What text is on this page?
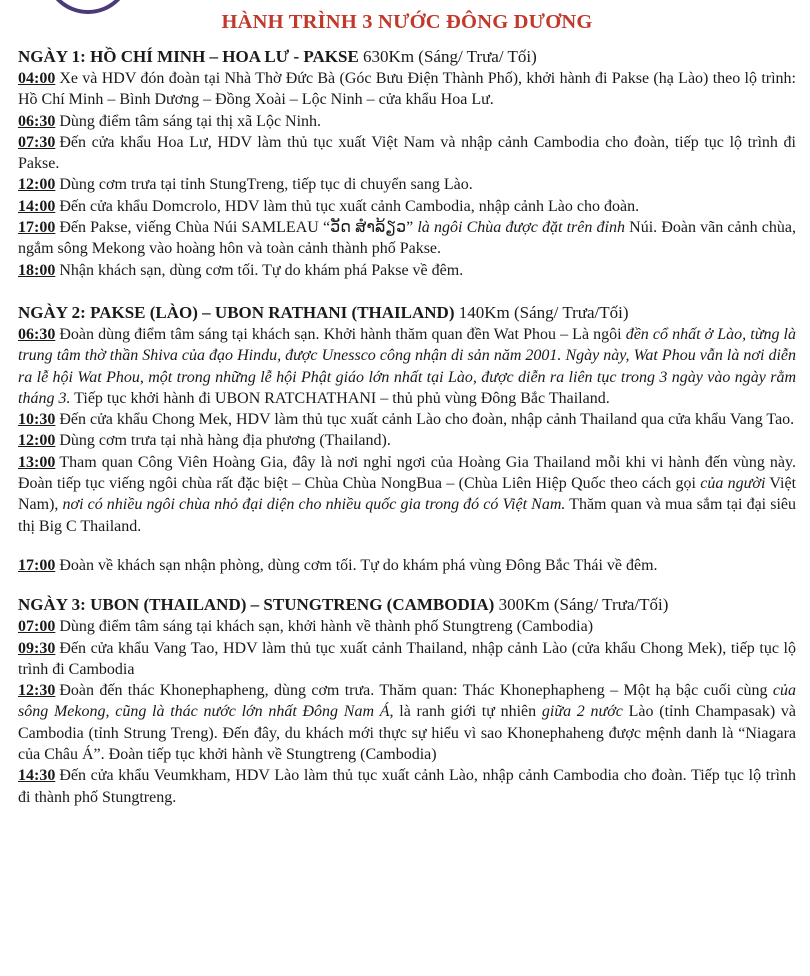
HÀNH TRÌNH 3 NƯỚC ĐÔNG DƯƠNG
NGÀY 1: HỒ CHÍ MINH – HOA LƯ - PAKSE 630Km (Sáng/ Trưa/ Tối)

04:00 Xe và HDV đón đoàn tại Nhà Thờ Đức Bà (Góc Bưu Điện Thành Phố), khởi hành đi Pakse (hạ Lào) theo lộ trình: Hồ Chí Minh – Bình Dương – Đồng Xoài – Lộc Ninh – cửa khẩu Hoa Lư.

06:30 Dùng điểm tâm sáng tại thị xã Lộc Ninh.

07:30 Đến cửa khẩu Hoa Lư, HDV làm thủ tục xuất Việt Nam và nhập cảnh Cambodia cho đoàn, tiếp tục lộ trình đi Pakse.

12:00 Dùng cơm trưa tại tỉnh StungTreng, tiếp tục di chuyển sang Lào.

14:00 Đến cửa khẩu Domcrolo, HDV làm thủ tục xuất cảnh Cambodia, nhập cảnh Lào cho đoàn.

17:00 Đến Pakse, viếng Chùa Núi SAMLEAU “ວັດ ສຳລ້ຽວ” là ngôi Chùa được đặt trên đỉnh Núi. Đoàn vãn cảnh chùa, ngắm sông Mekong vào hoàng hôn và toàn cảnh thành phố Pakse.

18:00 Nhận khách sạn, dùng cơm tối. Tự do khám phá Pakse về đêm.

NGÀY 2: PAKSE (LÀO) – UBON RATHANI (THAILAND) 140Km (Sáng/ Trưa/Tối)

06:30 Đoàn dùng điểm tâm sáng tại khách sạn. Khởi hành thăm quan đền Wat Phou – Là ngôi đền cổ nhất ở Lào, từng là trung tâm thờ thần Shiva của đạo Hindu, được Unessco công nhận di sản năm 2001. Ngày này, Wat Phou vẫn là nơi diễn ra lễ hội Wat Phou, một trong những lễ hội Phật giáo lớn nhất tại Lào, được diễn ra liên tục trong 3 ngày vào ngày rằm tháng 3. Tiếp tục khởi hành đi UBON RATCHATHANI – thủ phủ vùng Đông Bắc Thailand.

10:30 Đến cửa khẩu Chong Mek, HDV làm thủ tục xuất cảnh Lào cho đoàn, nhập cảnh Thailand qua cửa khẩu Vang Tao.

12:00 Dùng cơm trưa tại nhà hàng địa phương (Thailand).

13:00 Tham quan Công Viên Hoàng Gia, đây là nơi nghỉ ngơi của Hoàng Gia Thailand mỗi khi vi hành đến vùng này. Đoàn tiếp tục viếng ngôi chùa rất đặc biệt – Chùa Chùa NongBua – (Chùa Liên Hiệp Quốc theo cách gọi của người Việt Nam), nơi có nhiều ngôi chùa nhỏ đại diện cho nhiều quốc gia trong đó có Việt Nam. Thăm quan và mua sắm tại đại siêu thị Big C Thailand.

17:00 Đoàn về khách sạn nhận phòng, dùng cơm tối. Tự do khám phá vùng Đông Bắc Thái về đêm.

NGÀY 3: UBON (THAILAND) – STUNGTRENG (CAMBODIA) 300Km (Sáng/ Trưa/Tối)

07:00 Dùng điểm tâm sáng tại khách sạn, khởi hành về thành phố Stungtreng (Cambodia)

09:30 Đến cửa khẩu Vang Tao, HDV làm thủ tục xuất cảnh Thailand, nhập cảnh Lào (cửa khẩu Chong Mek), tiếp tục lộ trình đi Cambodia

12:30 Đoàn đến thác Khonephapheng, dùng cơm trưa. Thăm quan: Thác Khonephapheng – Một hạ bậc cuối cùng của sông Mekong, cũng là thác nước lớn nhất Đông Nam Á, là ranh giới tự nhiên giữa 2 nước Lào (tỉnh Champasak) và Cambodia (tỉnh Strung Treng). Đến đây, du khách mới thực sự hiểu vì sao Khonephaheng được mệnh danh là “Niagara của Châu Á”. Đoàn tiếp tục khởi hành về Stungtreng (Cambodia)

14:30 Đến cửa khẩu Veumkham, HDV Lào làm thủ tục xuất cảnh Lào, nhập cảnh Cambodia cho đoàn. Tiếp tục lộ trình đi thành phố Stungtreng.
